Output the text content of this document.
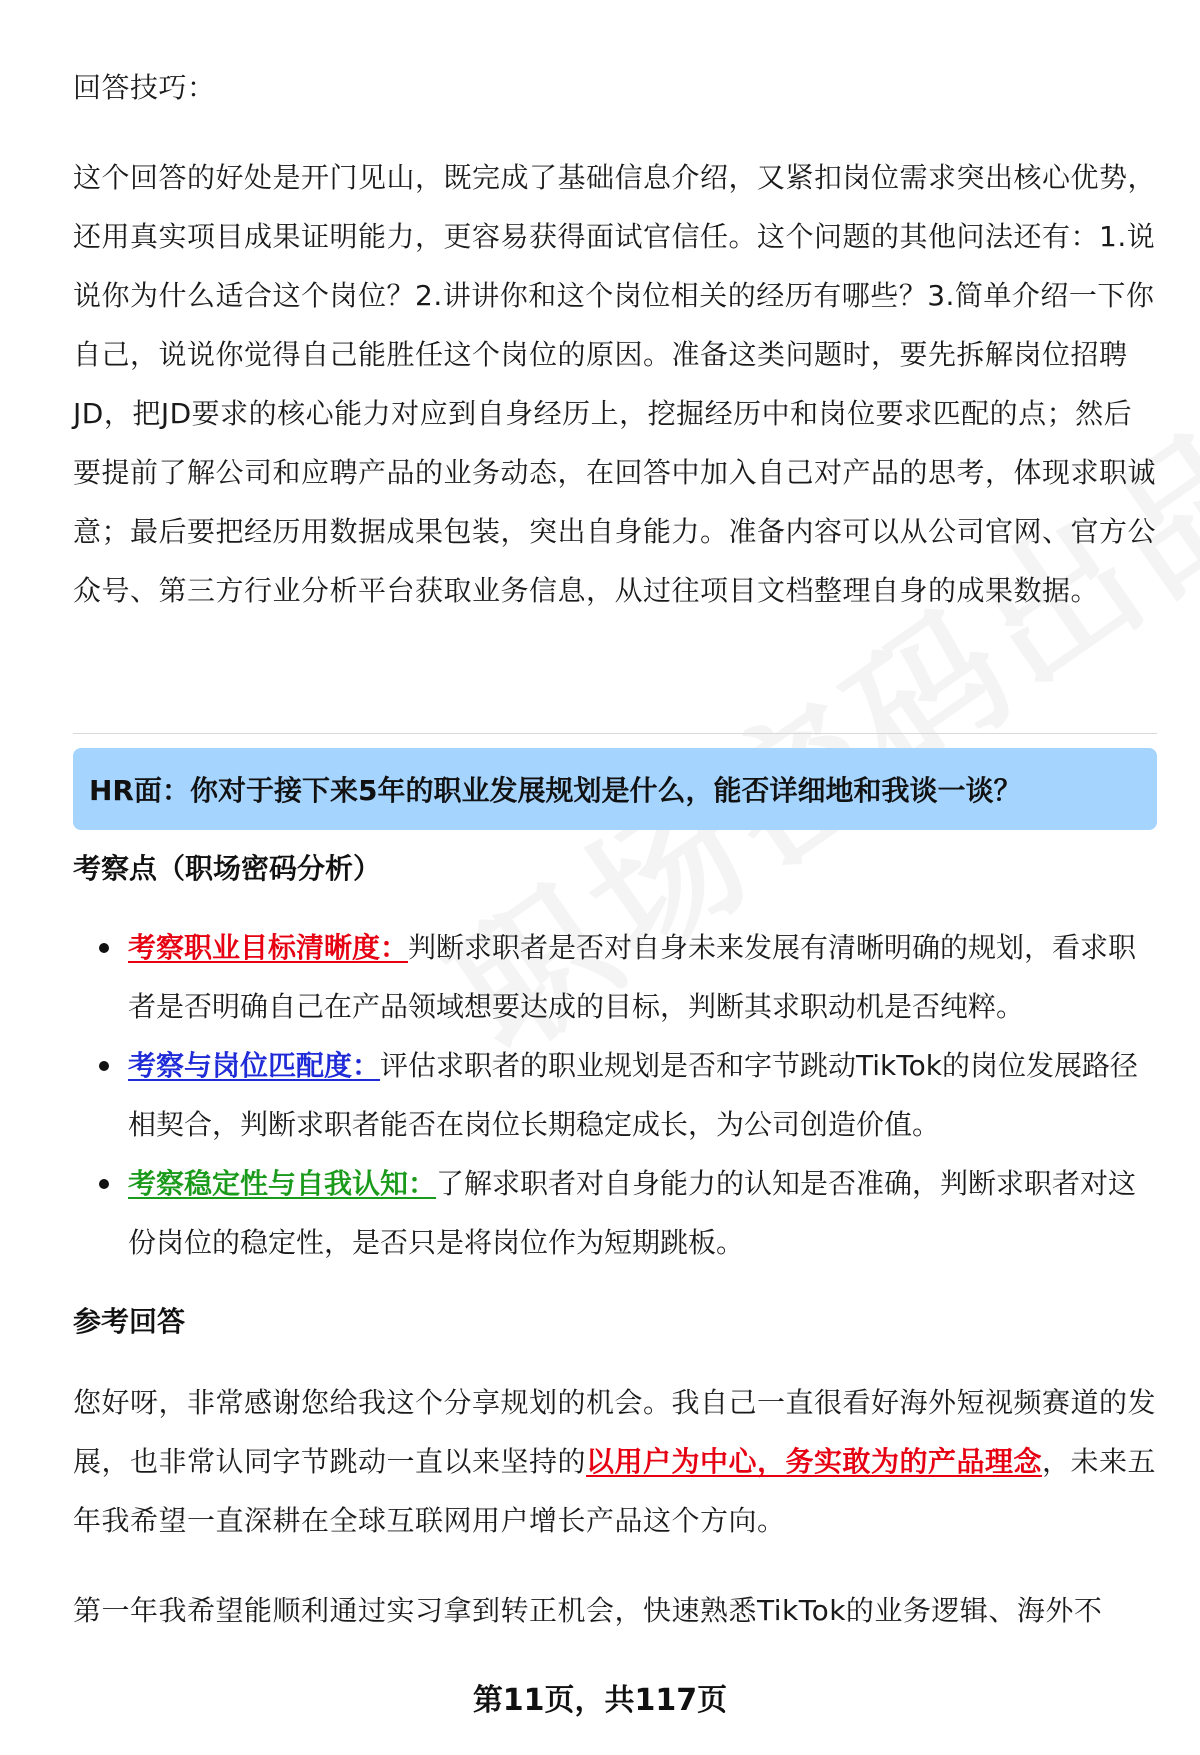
回答技巧：

这个回答的好处是开门见山，既完成了基础信息介绍，又紧扣岗位需求突出核心优势，还用真实项目成果证明能力，更容易获得面试官信任。这个问题的其他问法还有：1.说说你为什么适合这个岗位？2.讲讲你和这个岗位相关的经历有哪些？3.简单介绍一下你自己，说说你觉得自己能胜任这个岗位的原因。准备这类问题时，要先拆解岗位招聘JD，把JD要求的核心能力对应到自身经历上，挖掘经历中和岗位要求匹配的点；然后要提前了解公司和应聘产品的业务动态，在回答中加入自己对产品的思考，体现求职诚意；最后要把经历用数据成果包装，突出自身能力。准备内容可以从公司官网、官方公众号、第三方行业分析平台获取业务信息，从过往项目文档整理自身的成果数据。

HR面：你对于接下来5年的职业发展规划是什么，能否详细地和我谈一谈？

考察点（职场密码分析）

考察职业目标清晰度：判断求职者是否对自身未来发展有清晰明确的规划，看求职者是否明确自己在产品领域想要达成的目标，判断其求职动机是否纯粹。
考察与岗位匹配度：评估求职者的职业规划是否和字节跳动TikTok的岗位发展路径相契合，判断求职者能否在岗位长期稳定成长，为公司创造价值。
考察稳定性与自我认知：了解求职者对自身能力的认知是否准确，判断求职者对这份岗位的稳定性，是否只是将岗位作为短期跳板。

参考回答

您好呀，非常感谢您给我这个分享规划的机会。我自己一直很看好海外短视频赛道的发展，也非常认同字节跳动一直以来坚持的以用户为中心，务实敢为的产品理念，未来五年我希望一直深耕在全球互联网用户增长产品这个方向。

第一年我希望能顺利通过实习拿到转正机会，快速熟悉TikTok的业务逻辑、海外不

第11页，共117页
